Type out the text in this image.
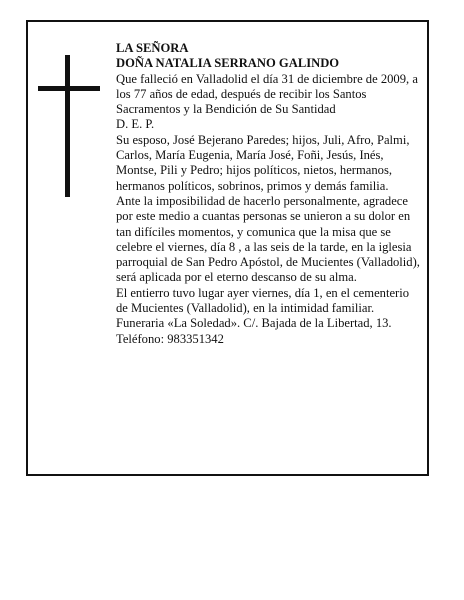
LA SEÑORA

DOÑA NATALIA SERRANO GALINDO

Que falleció en Valladolid el día 31 de diciembre de 2009, a los 77 años de edad, después de recibir los Santos Sacramentos y la Bendición de Su Santidad

D. E. P.

Su esposo, José Bejerano Paredes; hijos, Juli, Afro, Palmi, Carlos, María Eugenia, María José, Foñi, Jesús, Inés, Montse, Pili y Pedro; hijos políticos, nietos, hermanos, hermanos políticos, sobrinos, primos y demás familia.

Ante la imposibilidad de hacerlo personalmente, agradece por este medio a cuantas personas se unieron a su dolor en tan difíciles momentos, y comunica que la misa que se celebre el viernes, día 8 , a las seis de la tarde, en la iglesia parroquial de San Pedro Apóstol, de Mucientes (Valladolid), será aplicada por el eterno descanso de su alma.

El entierro tuvo lugar ayer viernes, día 1, en el cementerio de Mucientes (Valladolid), en la intimidad familiar.

Funeraria «La Soledad». C/. Bajada de la Libertad, 13.

Teléfono: 983351342
